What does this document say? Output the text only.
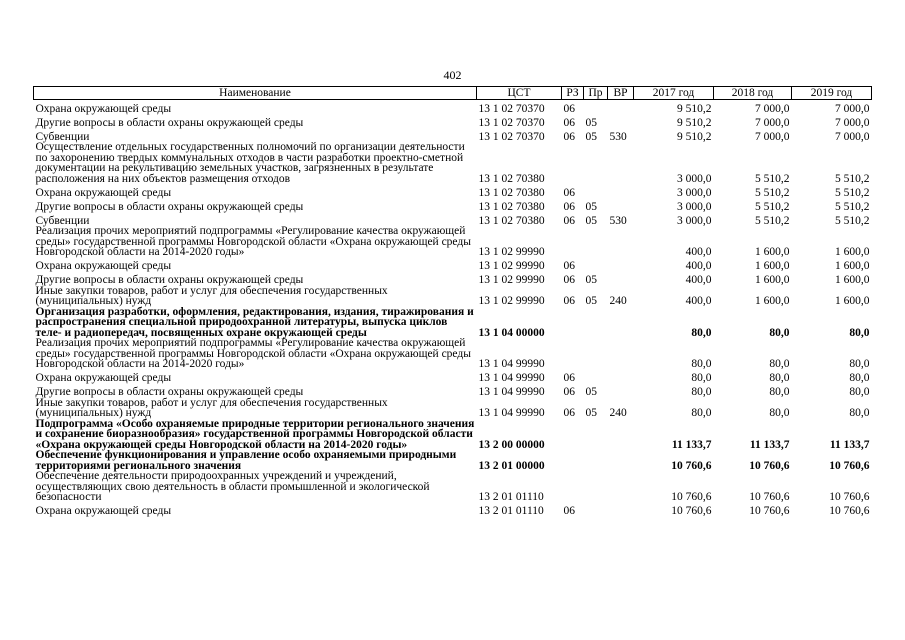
402
Наименование	ЦСТ	РЗ	Пр	ВР	2017 год	2018 год	2019 год
Охрана окружающей среды	13 1 02 70370	06			9 510,2	7 000,0	7 000,0
Другие вопросы в области охраны окружающей среды	13 1 02 70370	06	05		9 510,2	7 000,0	7 000,0
Субвенции	13 1 02 70370	06	05	530	9 510,2	7 000,0	7 000,0
Осуществление отдельных государственных полномочий по организации деятельности по захоронению твердых коммунальных отходов в части разработки проектно-сметной документации на рекультивацию земельных участков, загрязненных в результате расположения на них объектов размещения отходов	13 1 02 70380				3 000,0	5 510,2	5 510,2
Охрана окружающей среды	13 1 02 70380	06			3 000,0	5 510,2	5 510,2
Другие вопросы в области охраны окружающей среды	13 1 02 70380	06	05		3 000,0	5 510,2	5 510,2
Субвенции	13 1 02 70380	06	05	530	3 000,0	5 510,2	5 510,2
Реализация прочих мероприятий подпрограммы «Регулирование качества окружающей среды» государственной программы Новгородской области «Охрана окружающей среды Новгородской области на 2014-2020 годы»	13 1 02 99990				400,0	1 600,0	1 600,0
Охрана окружающей среды	13 1 02 99990	06			400,0	1 600,0	1 600,0
Другие вопросы в области охраны окружающей среды	13 1 02 99990	06	05		400,0	1 600,0	1 600,0
Иные закупки товаров, работ и услуг для обеспечения государственных (муниципальных) нужд	13 1 02 99990	06	05	240	400,0	1 600,0	1 600,0
Организация разработки, оформления, редактирования, издания, тиражирования и распространения специальной природоохранной литературы, выпуска циклов теле- и радиопередач, посвященных охране окружающей среды	13 1 04 00000				80,0	80,0	80,0
Реализация прочих мероприятий подпрограммы «Регулирование качества окружающей среды» государственной программы Новгородской области «Охрана окружающей среды Новгородской области на 2014-2020 годы»	13 1 04 99990				80,0	80,0	80,0
Охрана окружающей среды	13 1 04 99990	06			80,0	80,0	80,0
Другие вопросы в области охраны окружающей среды	13 1 04 99990	06	05		80,0	80,0	80,0
Иные закупки товаров, работ и услуг для обеспечения государственных (муниципальных) нужд	13 1 04 99990	06	05	240	80,0	80,0	80,0
Подпрограмма «Особо охраняемые природные территории регионального значения и сохранение биоразнообразия» государственной программы Новгородской области «Охрана окружающей среды Новгородской области на 2014-2020 годы»	13 2 00 00000				11 133,7	11 133,7	11 133,7
Обеспечение функционирования и управление особо охраняемыми природными территориями регионального значения	13 2 01 00000				10 760,6	10 760,6	10 760,6
Обеспечение деятельности природоохранных учреждений и учреждений, осуществляющих свою деятельность в области промышленной и экологической безопасности	13 2 01 01110				10 760,6	10 760,6	10 760,6
Охрана окружающей среды	13 2 01 01110	06			10 760,6	10 760,6	10 760,6
